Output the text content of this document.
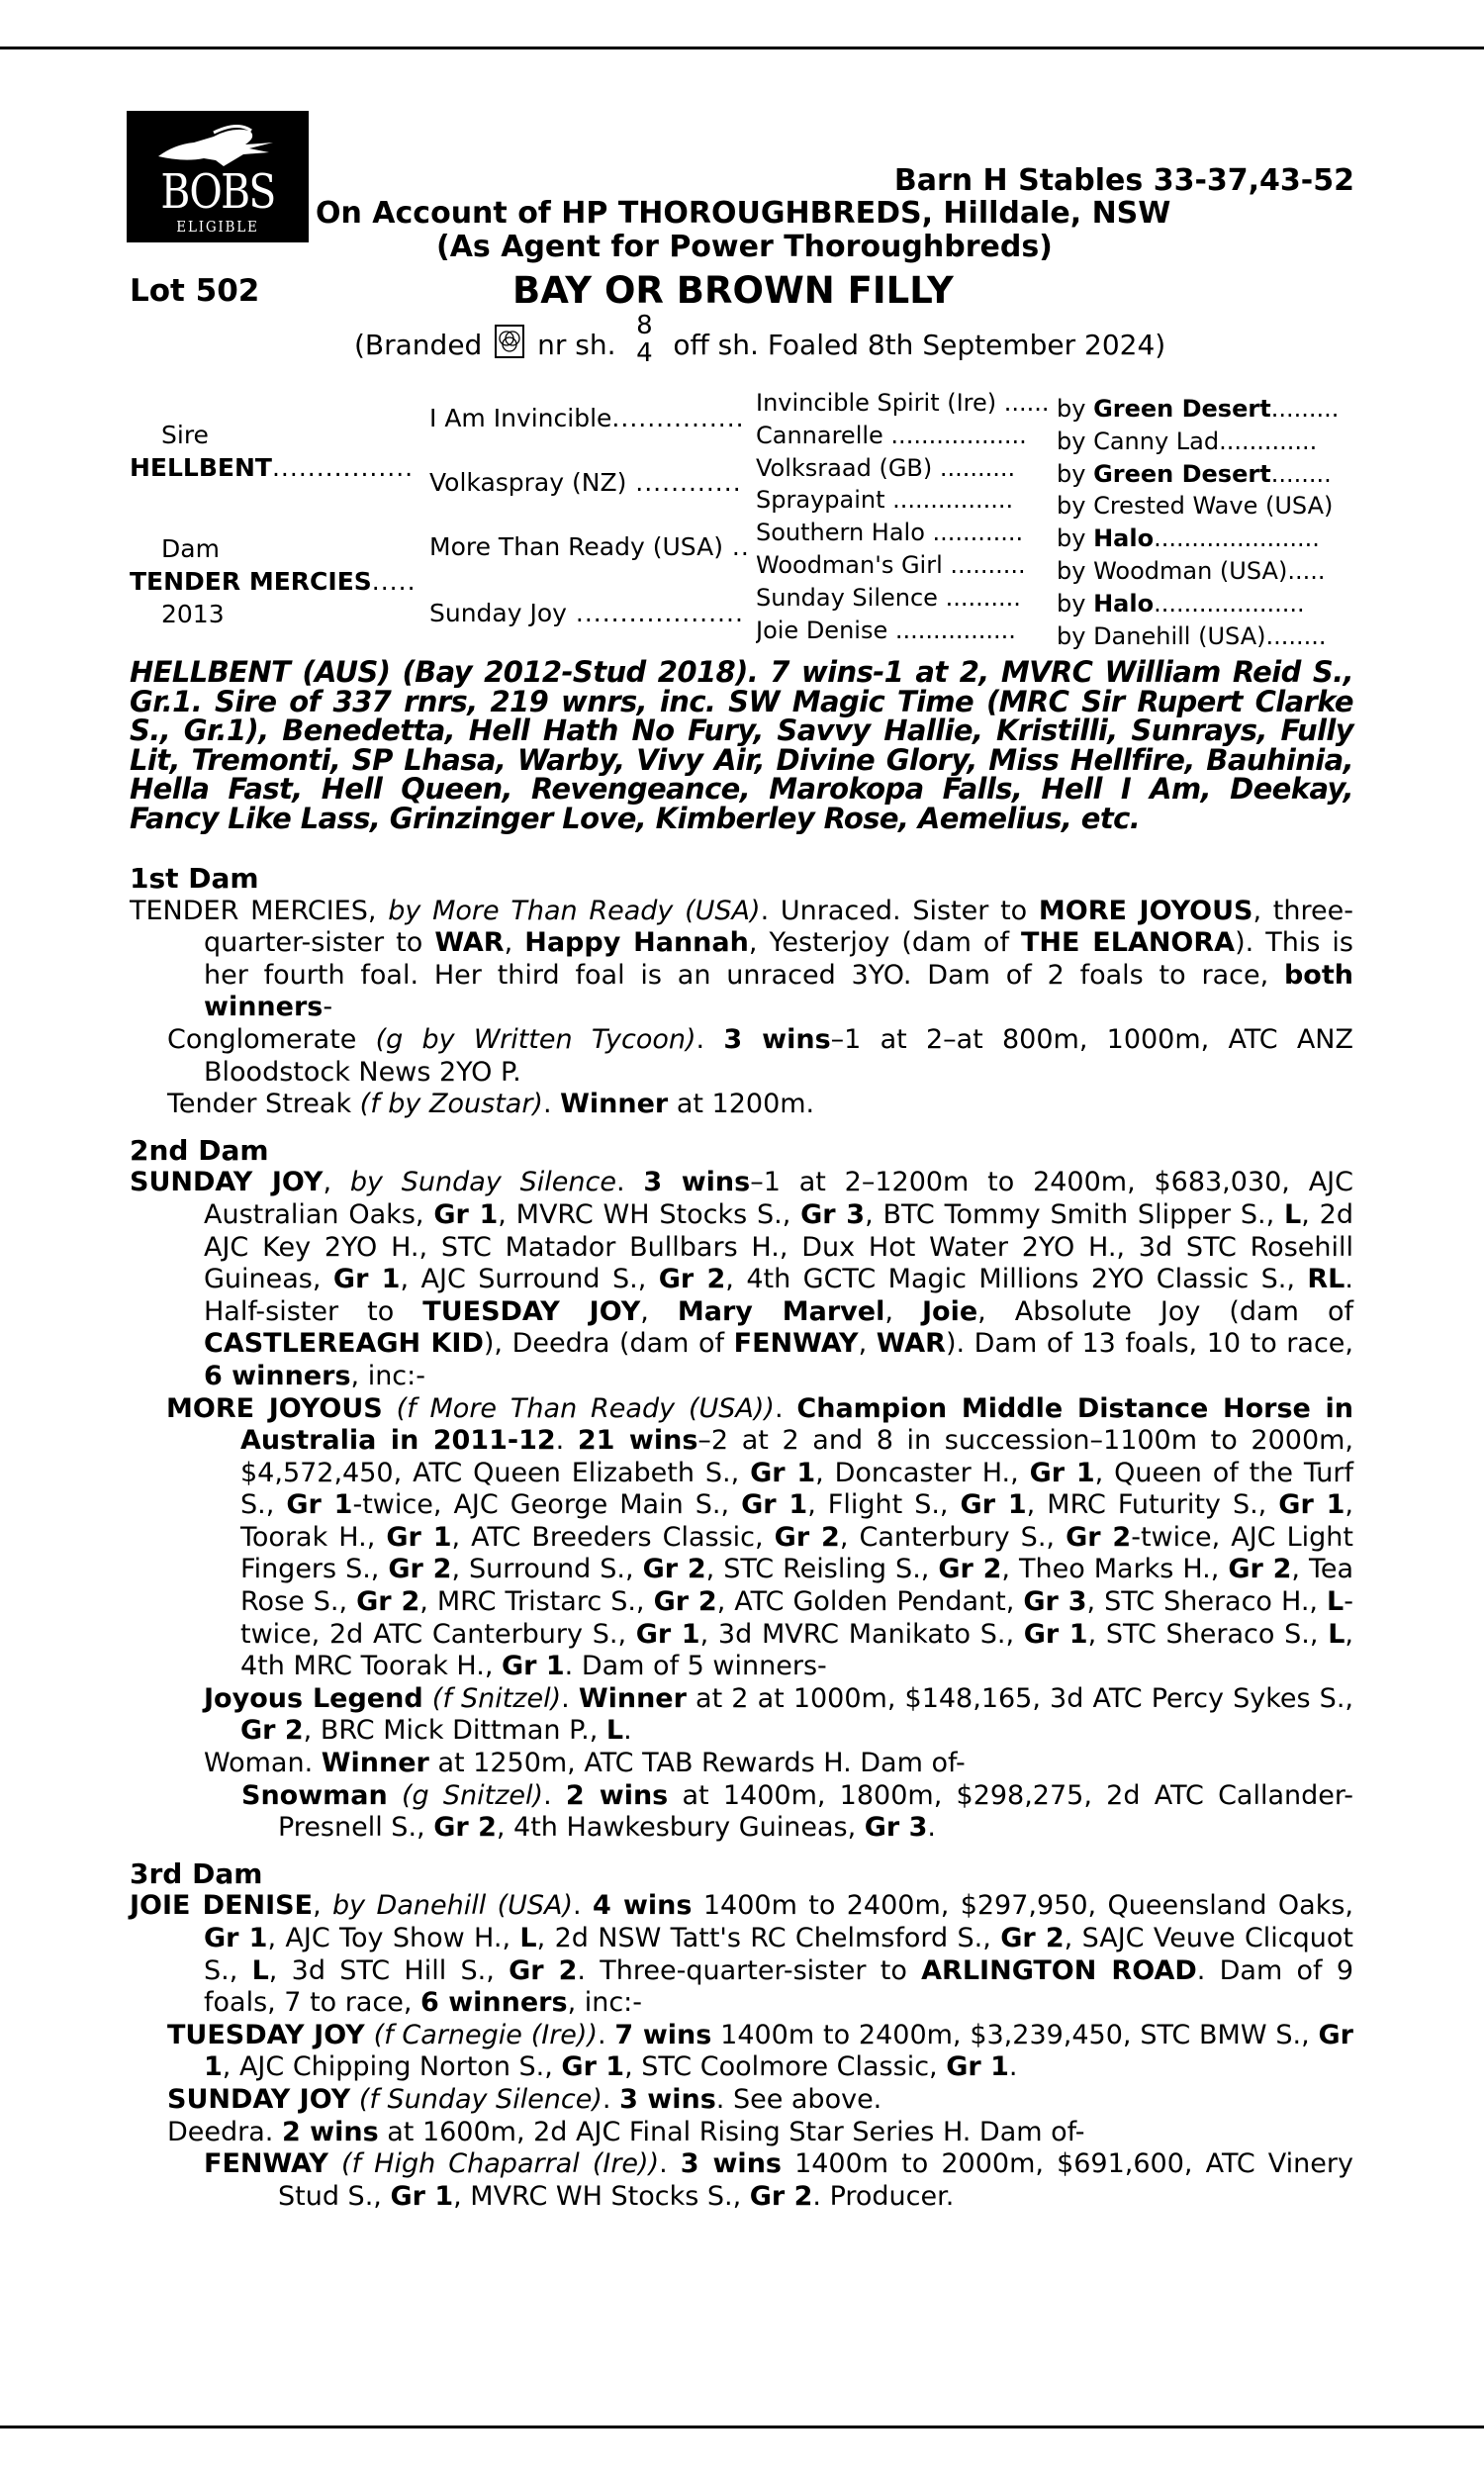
BOBS
ELIGIBLE
Barn H Stables 33-37,43-52
On Account of HP THOROUGHBREDS, Hilldale, NSW
(As Agent for Power Thoroughbreds)
Lot 502	BAY OR BROWN FILLY
(Branded nr sh.
8
4 off sh. Foaled 8th September 2024)
Sire
HELLBENT................
Dam
TENDER MERCIES.....
2013
I Am Invincible...............
Volkaspray (NZ) ............
More Than Ready (USA) ..
Sunday Joy ...................
Invincible Spirit (Ire) ...... by Green Desert.........
Cannarelle .................. by Canny Lad.............
Volksraad (GB) .......... by Green Desert........
Spraypaint ................ by Crested Wave (USA)
Southern Halo ............ by Halo......................
Woodman's Girl .......... by Woodman (USA).....
Sunday Silence .......... by Halo....................
Joie Denise ................ by Danehill (USA)........
HELLBENT (AUS) (Bay 2012-Stud 2018). 7 wins-1 at 2, MVRC William Reid S., Gr.1. Sire of 337 rnrs, 219 wnrs, inc. SW Magic Time (MRC Sir Rupert Clarke S., Gr.1), Benedetta, Hell Hath No Fury, Savvy Hallie, Kristilli, Sunrays, Fully Lit, Tremonti, SP Lhasa, Warby, Vivy Air, Divine Glory, Miss Hellfire, Bauhinia, Hella Fast, Hell Queen, Revengeance, Marokopa Falls, Hell I Am, Deekay, Fancy Like Lass, Grinzinger Love, Kimberley Rose, Aemelius, etc.
1st Dam
TENDER MERCIES, by More Than Ready (USA). Unraced. Sister to MORE JOYOUS, three-quarter-sister to WAR, Happy Hannah, Yesterjoy (dam of THE ELANORA). This is her fourth foal. Her third foal is an unraced 3YO. Dam of 2 foals to race, both winners-
Conglomerate (g by Written Tycoon). 3 wins–1 at 2–at 800m, 1000m, ATC ANZ Bloodstock News 2YO P.
Tender Streak (f by Zoustar). Winner at 1200m.
2nd Dam
SUNDAY JOY, by Sunday Silence. 3 wins–1 at 2–1200m to 2400m, $683,030, AJC Australian Oaks, Gr 1, MVRC WH Stocks S., Gr 3, BTC Tommy Smith Slipper S., L, 2d AJC Key 2YO H., STC Matador Bullbars H., Dux Hot Water 2YO H., 3d STC Rosehill Guineas, Gr 1, AJC Surround S., Gr 2, 4th GCTC Magic Millions 2YO Classic S., RL. Half-sister to TUESDAY JOY, Mary Marvel, Joie, Absolute Joy (dam of CASTLEREAGH KID), Deedra (dam of FENWAY, WAR). Dam of 13 foals, 10 to race, 6 winners, inc:-
MORE JOYOUS (f More Than Ready (USA)). Champion Middle Distance Horse in Australia in 2011-12. 21 wins–2 at 2 and 8 in succession–1100m to 2000m, $4,572,450, ATC Queen Elizabeth S., Gr 1, Doncaster H., Gr 1, Queen of the Turf S., Gr 1-twice, AJC George Main S., Gr 1, Flight S., Gr 1, MRC Futurity S., Gr 1, Toorak H., Gr 1, ATC Breeders Classic, Gr 2, Canterbury S., Gr 2-twice, AJC Light Fingers S., Gr 2, Surround S., Gr 2, STC Reisling S., Gr 2, Theo Marks H., Gr 2, Tea Rose S., Gr 2, MRC Tristarc S., Gr 2, ATC Golden Pendant, Gr 3, STC Sheraco H., L-twice, 2d ATC Canterbury S., Gr 1, 3d MVRC Manikato S., Gr 1, STC Sheraco S., L, 4th MRC Toorak H., Gr 1. Dam of 5 winners-
Joyous Legend (f Snitzel). Winner at 2 at 1000m, $148,165, 3d ATC Percy Sykes S., Gr 2, BRC Mick Dittman P., L.
Woman. Winner at 1250m, ATC TAB Rewards H. Dam of-
Snowman (g Snitzel). 2 wins at 1400m, 1800m, $298,275, 2d ATC Callander-Presnell S., Gr 2, 4th Hawkesbury Guineas, Gr 3.
3rd Dam
JOIE DENISE, by Danehill (USA). 4 wins 1400m to 2400m, $297,950, Queensland Oaks, Gr 1, AJC Toy Show H., L, 2d NSW Tatt's RC Chelmsford S., Gr 2, SAJC Veuve Clicquot S., L, 3d STC Hill S., Gr 2. Three-quarter-sister to ARLINGTON ROAD. Dam of 9 foals, 7 to race, 6 winners, inc:-
TUESDAY JOY (f Carnegie (Ire)). 7 wins 1400m to 2400m, $3,239,450, STC BMW S., Gr 1, AJC Chipping Norton S., Gr 1, STC Coolmore Classic, Gr 1.
SUNDAY JOY (f Sunday Silence). 3 wins. See above.
Deedra. 2 wins at 1600m, 2d AJC Final Rising Star Series H. Dam of-
FENWAY (f High Chaparral (Ire)). 3 wins 1400m to 2000m, $691,600, ATC Vinery Stud S., Gr 1, MVRC WH Stocks S., Gr 2. Producer.
